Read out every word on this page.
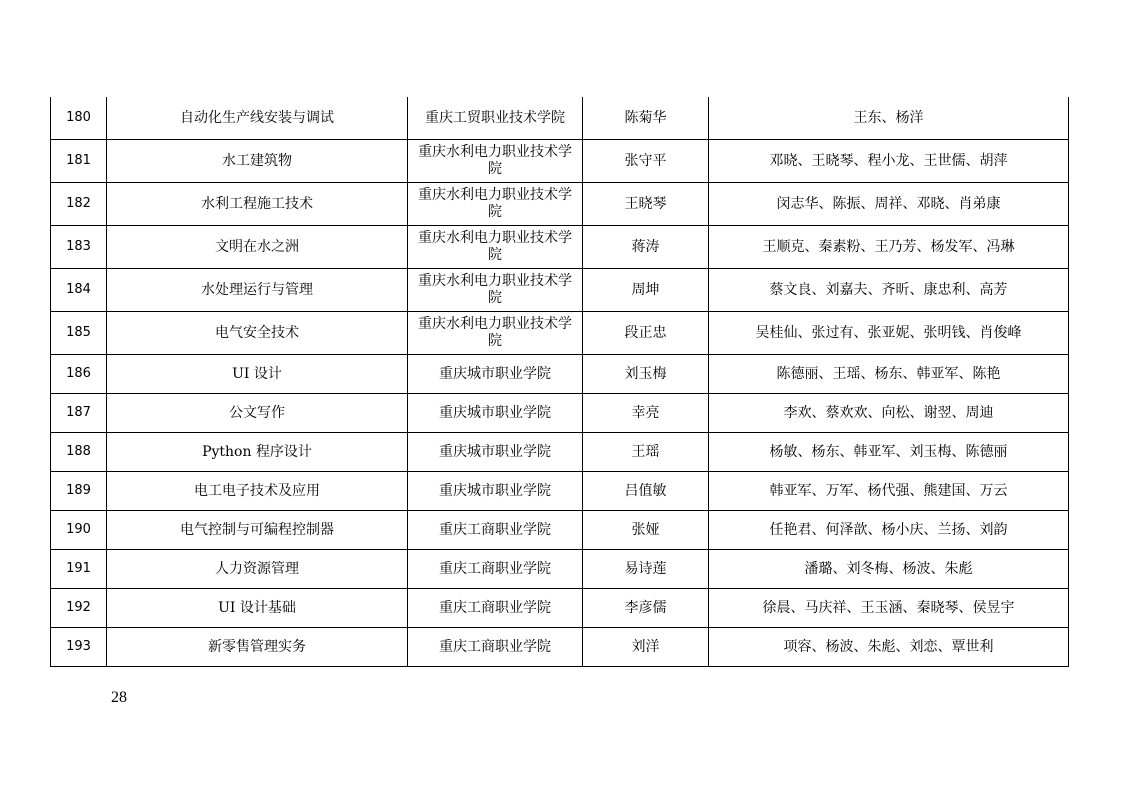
180	自动化生产线安装与调试	重庆工贸职业技术学院	陈菊华	王东、杨洋
181	水工建筑物	重庆水利电力职业技术学院	张守平	邓晓、王晓琴、程小龙、王世儒、胡萍
182	水利工程施工技术	重庆水利电力职业技术学院	王晓琴	闵志华、陈振、周祥、邓晓、肖弟康
183	文明在水之洲	重庆水利电力职业技术学院	蒋涛	王顺克、秦素粉、王乃芳、杨发军、冯琳
184	水处理运行与管理	重庆水利电力职业技术学院	周坤	蔡文良、刘嘉夫、齐昕、康忠利、高芳
185	电气安全技术	重庆水利电力职业技术学院	段正忠	吴桂仙、张过有、张亚妮、张明钱、肖俊峰
186	UI 设计	重庆城市职业学院	刘玉梅	陈德丽、王瑶、杨东、韩亚军、陈艳
187	公文写作	重庆城市职业学院	幸亮	李欢、蔡欢欢、向松、谢翌、周迪
188	Python 程序设计	重庆城市职业学院	王瑶	杨敏、杨东、韩亚军、刘玉梅、陈德丽
189	电工电子技术及应用	重庆城市职业学院	吕值敏	韩亚军、万军、杨代强、熊建国、万云
190	电气控制与可编程控制器	重庆工商职业学院	张娅	任艳君、何泽歆、杨小庆、兰扬、刘韵
191	人力资源管理	重庆工商职业学院	易诗莲	潘璐、刘冬梅、杨波、朱彪
192	UI 设计基础	重庆工商职业学院	李彦儒	徐晨、马庆祥、王玉涵、秦晓琴、侯昱宇
193	新零售管理实务	重庆工商职业学院	刘洋	项容、杨波、朱彪、刘恋、覃世利
28
